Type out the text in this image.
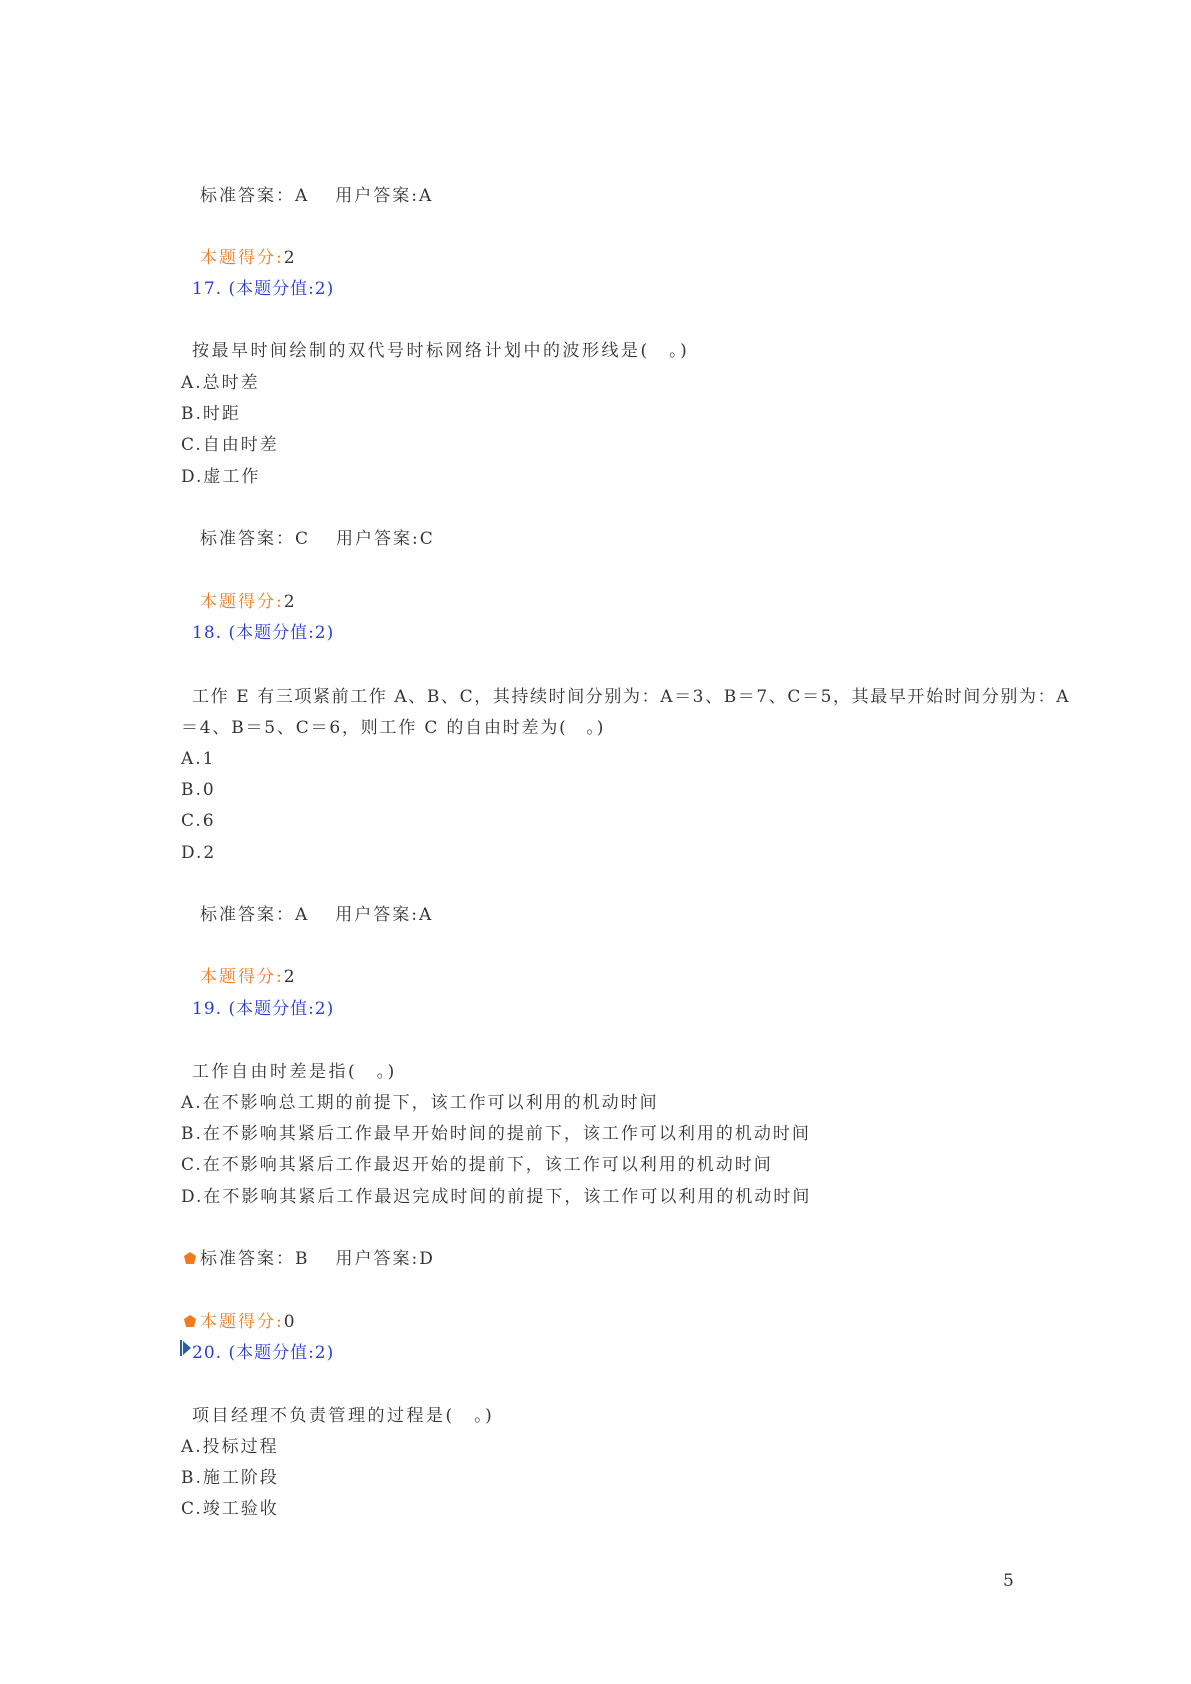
标准答案：A 用户答案:A
本题得分:2
17. (本题分值:2)
按最早时间绘制的双代号时标网络计划中的波形线是(　。)
A.总时差
B.时距
C.自由时差
D.虚工作
标准答案：C 用户答案:C
本题得分:2
18. (本题分值:2)
工作 E 有三项紧前工作 A、B、C，其持续时间分别为：A＝3、B＝7、C＝5，其最早开始时间分别为：A
＝4、B＝5、C＝6，则工作 C 的自由时差为(　。)
A.1
B.0
C.6
D.2
标准答案：A 用户答案:A
本题得分:2
19. (本题分值:2)
工作自由时差是指(　。)
A.在不影响总工期的前提下，该工作可以利用的机动时间
B.在不影响其紧后工作最早开始时间的提前下，该工作可以利用的机动时间
C.在不影响其紧后工作最迟开始的提前下，该工作可以利用的机动时间
D.在不影响其紧后工作最迟完成时间的前提下，该工作可以利用的机动时间
标准答案：B 用户答案:D
本题得分:0
20. (本题分值:2)
项目经理不负责管理的过程是(　。)
A.投标过程
B.施工阶段
C.竣工验收
5
